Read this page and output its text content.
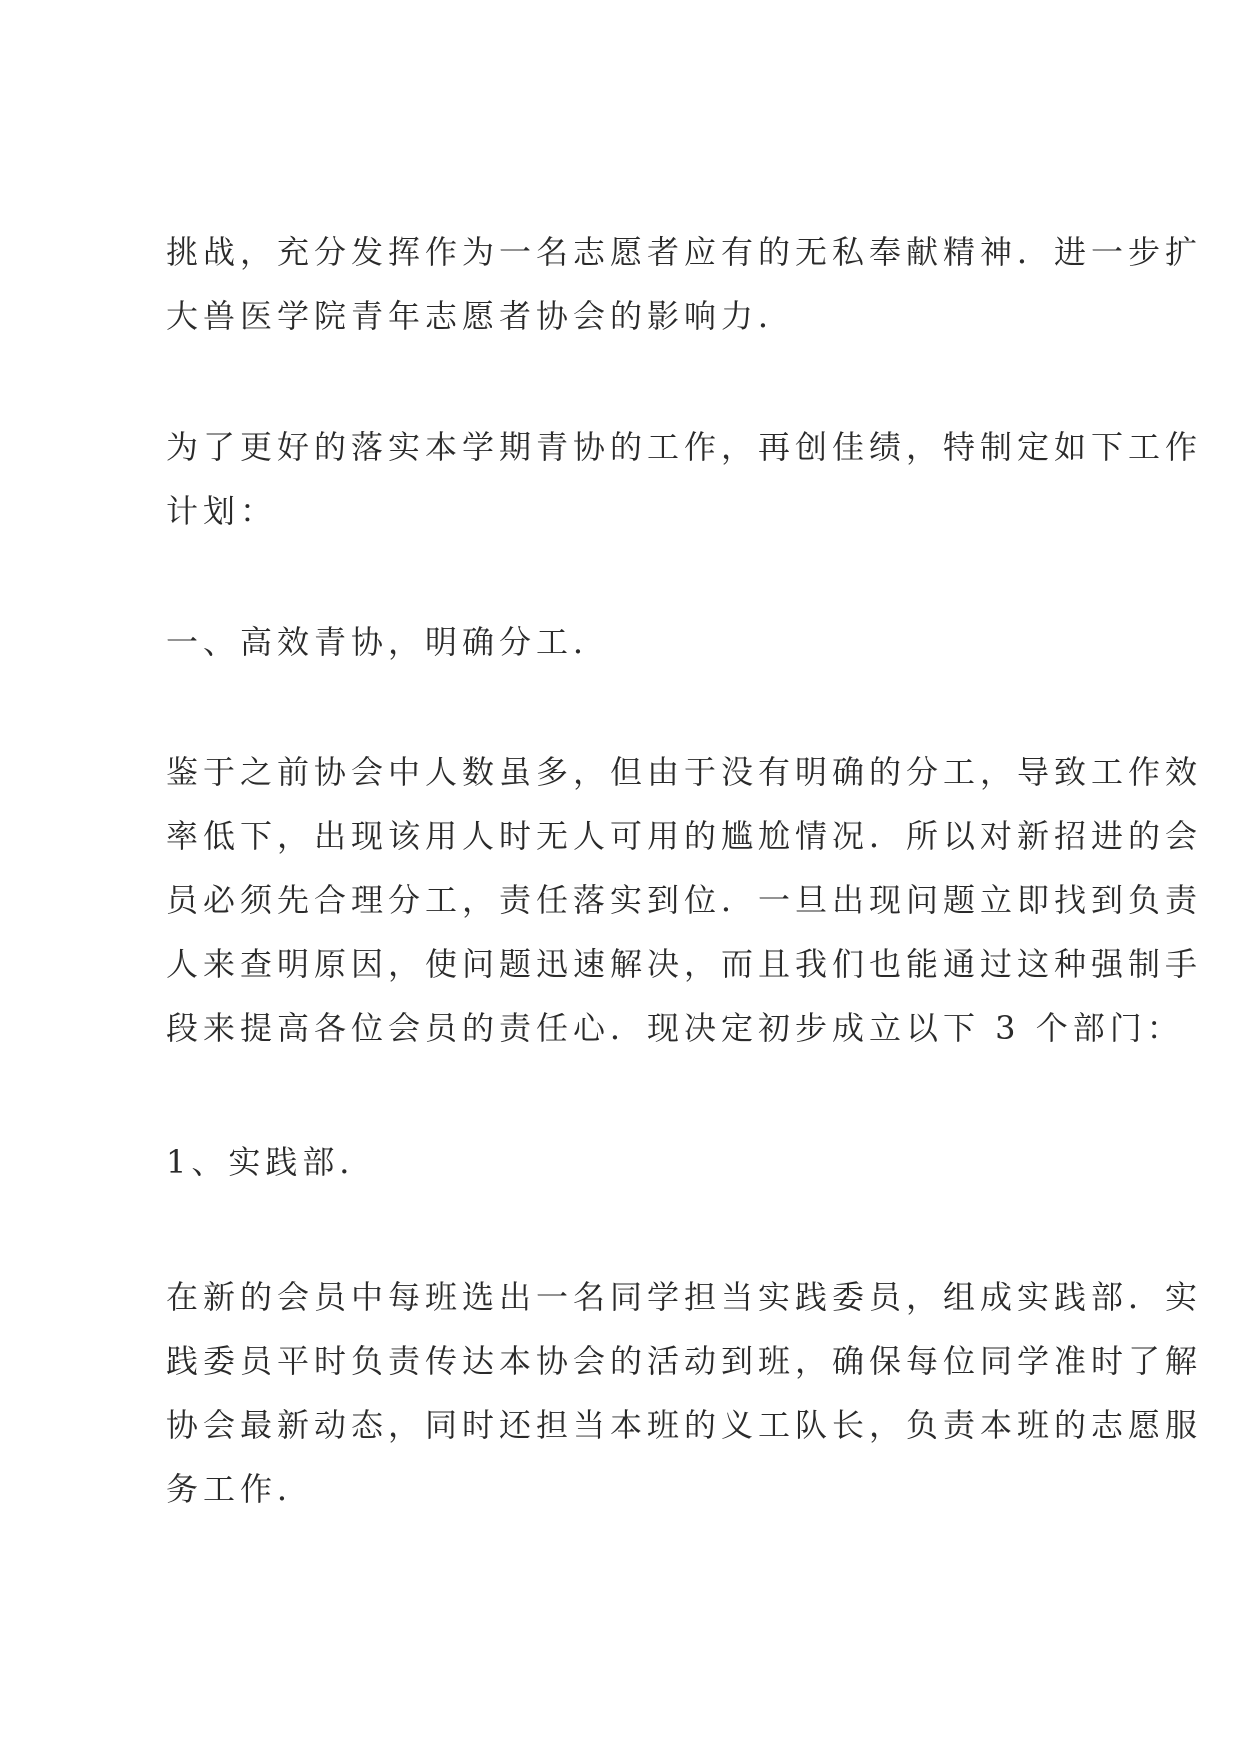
挑战，充分发挥作为一名志愿者应有的无私奉献精神．进一步扩
大兽医学院青年志愿者协会的影响力．

为了更好的落实本学期青协的工作，再创佳绩，特制定如下工作
计划：

一、高效青协，明确分工．

鉴于之前协会中人数虽多，但由于没有明确的分工，导致工作效
率低下，出现该用人时无人可用的尴尬情况．所以对新招进的会
员必须先合理分工，责任落实到位．一旦出现问题立即找到负责
人来查明原因，使问题迅速解决，而且我们也能通过这种强制手
段来提高各位会员的责任心．现决定初步成立以下 3 个部门：

1、实践部．

在新的会员中每班选出一名同学担当实践委员，组成实践部．实
践委员平时负责传达本协会的活动到班，确保每位同学准时了解
协会最新动态，同时还担当本班的义工队长，负责本班的志愿服
务工作．
